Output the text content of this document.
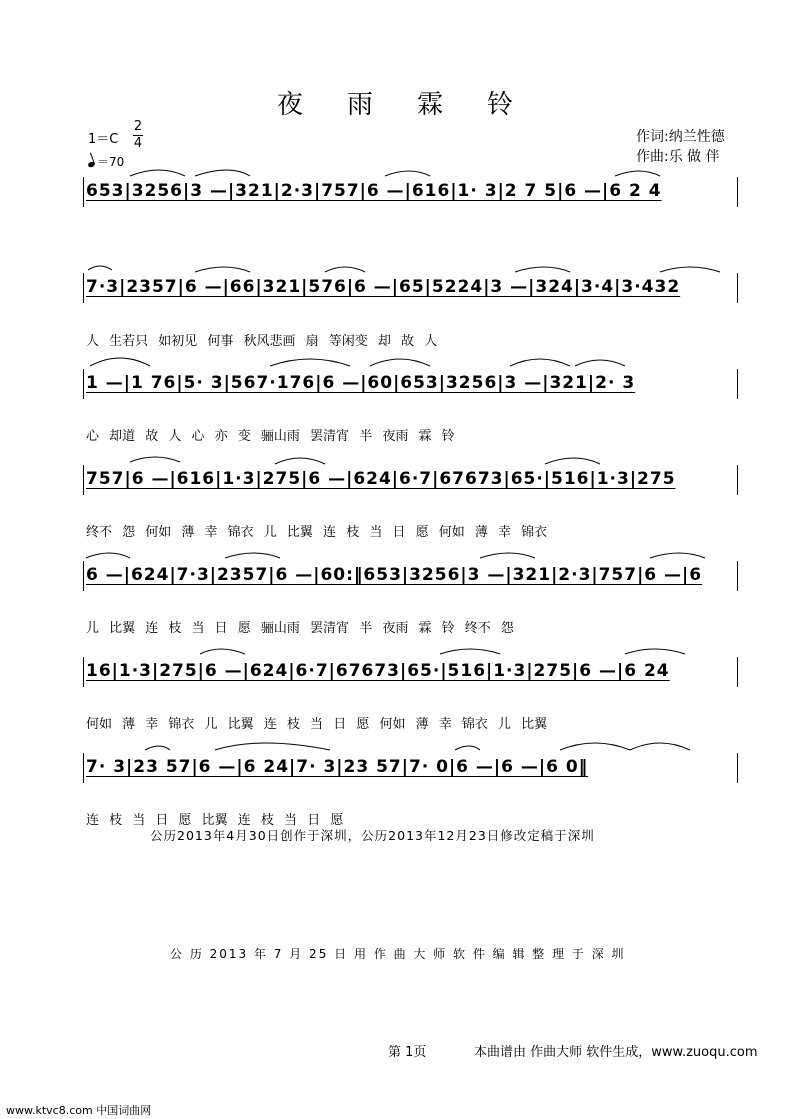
夜 雨 霖 铃
1＝C
2
4
＝70
作词:纳兰性德
作曲:乐 做 伴
653|3256|3 —|321|2·3|757|6 —|616|1· 3|2 7 5|6 —|6 2 4
7·3|2357|6 —|66|321|576|6 —|65|5224|3 —|324|3·4|3·432
人 生若只 如初见 何事 秋风悲画 扇 等闲变 却 故 人
1 —|1 76|5· 3|567·176|6 —|60|653|3256|3 —|321|2· 3
心 却道 故 人 心 亦 变 骊山雨 罢清宵 半 夜雨 霖 铃
757|6 —|616|1·3|275|6 —|624|6·7|67673|65·|516|1·3|275
终不 怨 何如 薄 幸 锦衣 儿 比翼 连 枝 当 日 愿 何如 薄 幸 锦衣
6 —|624|7·3|2357|6 —|60:‖653|3256|3 —|321|2·3|757|6 —|6
儿 比翼 连 枝 当 日 愿 骊山雨 罢清宵 半 夜雨 霖 铃 终不 怨
16|1·3|275|6 —|624|6·7|67673|65·|516|1·3|275|6 —|6 24
何如 薄 幸 锦衣 儿 比翼 连 枝 当 日 愿 何如 薄 幸 锦衣 儿 比翼
7· 3|23 57|6 —|6 24|7· 3|23 57|7· 0|6 —|6 —|6 0‖
连 枝 当 日 愿 比翼 连 枝 当 日 愿
公历2013年4月30日创作于深圳，公历2013年12月23日修改定稿于深圳
公 历 2013 年 7 月 25 日 用 作 曲 大 师 软 件 编 辑 整 理 于 深 圳
第 1页	本曲谱由 作曲大师 软件生成，www.zuoqu.com
www.ktvc8.com 中国词曲网
